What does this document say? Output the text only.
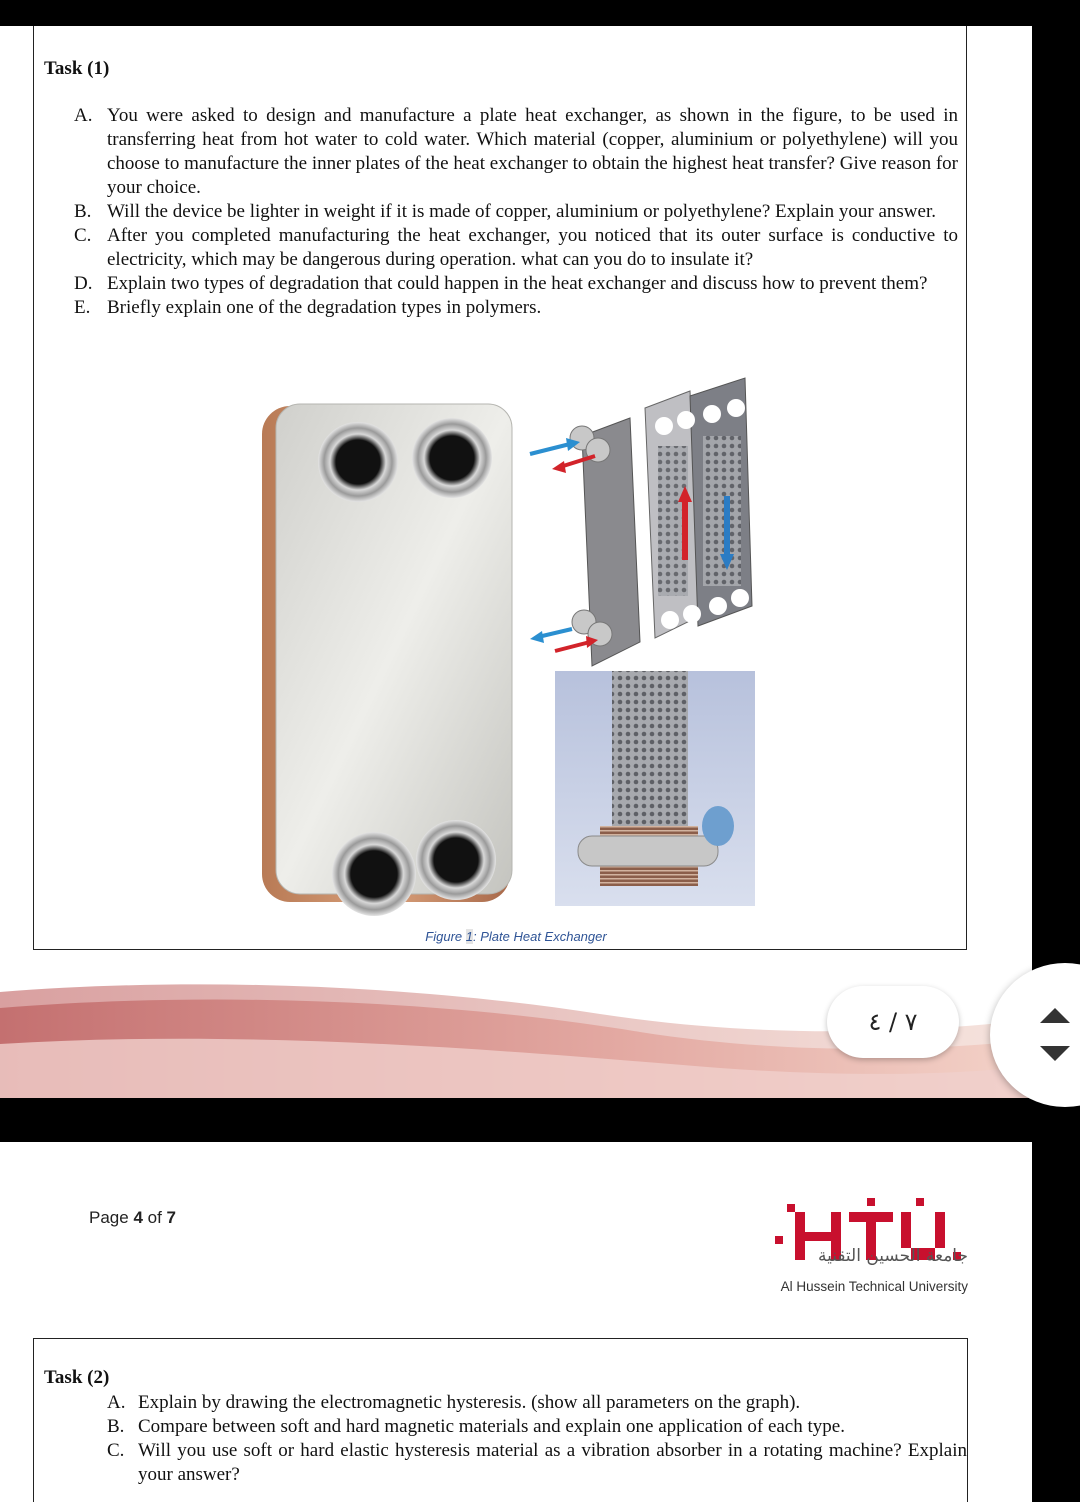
Task (1)
A. You were asked to design and manufacture a plate heat exchanger, as shown in the figure, to be used in transferring heat from hot water to cold water. Which material (copper, aluminium or polyethylene) will you choose to manufacture the inner plates of the heat exchanger to obtain the highest heat transfer? Give reason for your choice.
B. Will the device be lighter in weight if it is made of copper, aluminium or polyethylene? Explain your answer.
C. After you completed manufacturing the heat exchanger, you noticed that its outer surface is conductive to electricity, which may be dangerous during operation. what can you do to insulate it?
D. Explain two types of degradation that could happen in the heat exchanger and discuss how to prevent them?
E. Briefly explain one of the degradation types in polymers.
Figure 1: Plate Heat Exchanger
٧ / ٤
Page 4 of 7
جامعة الحسين التقنية
Al Hussein Technical University
Task (2)
A. Explain by drawing the electromagnetic hysteresis. (show all parameters on the graph).
B. Compare between soft and hard magnetic materials and explain one application of each type.
C. Will you use soft or hard elastic hysteresis material as a vibration absorber in a rotating machine? Explain your answer?
